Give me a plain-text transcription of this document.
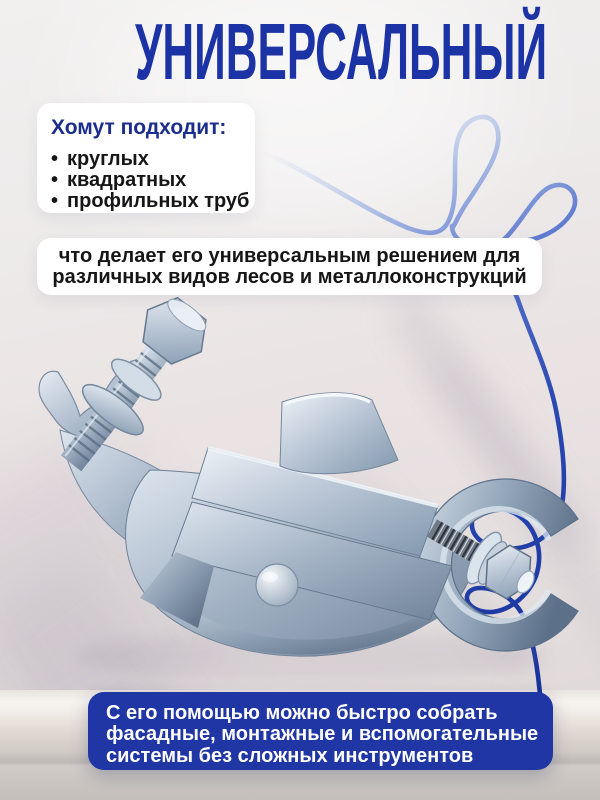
УНИВЕРСАЛЬНЫЙ
Хомут подходит:
• круглых
• квадратных
• профильных труб
что делает его универсальным решением для
различных видов лесов и металлоконструкций
С его помощью можно быстро собрать
фасадные, монтажные и вспомогательные
системы без сложных инструментов
